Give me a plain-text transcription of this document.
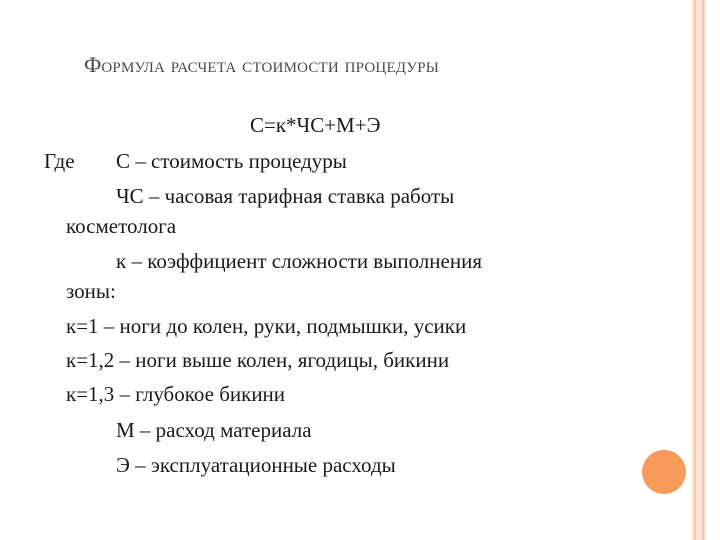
Формула расчета стоимости процедуры
С=к*ЧС+М+Э
Где С – стоимость процедуры
ЧС – часовая тарифная ставка работы
косметолога
к – коэффициент сложности выполнения
зоны:
к=1 – ноги до колен, руки, подмышки, усики
к=1,2 – ноги выше колен, ягодицы, бикини
к=1,3 – глубокое бикини
М – расход материала
Э – эксплуатационные расходы
